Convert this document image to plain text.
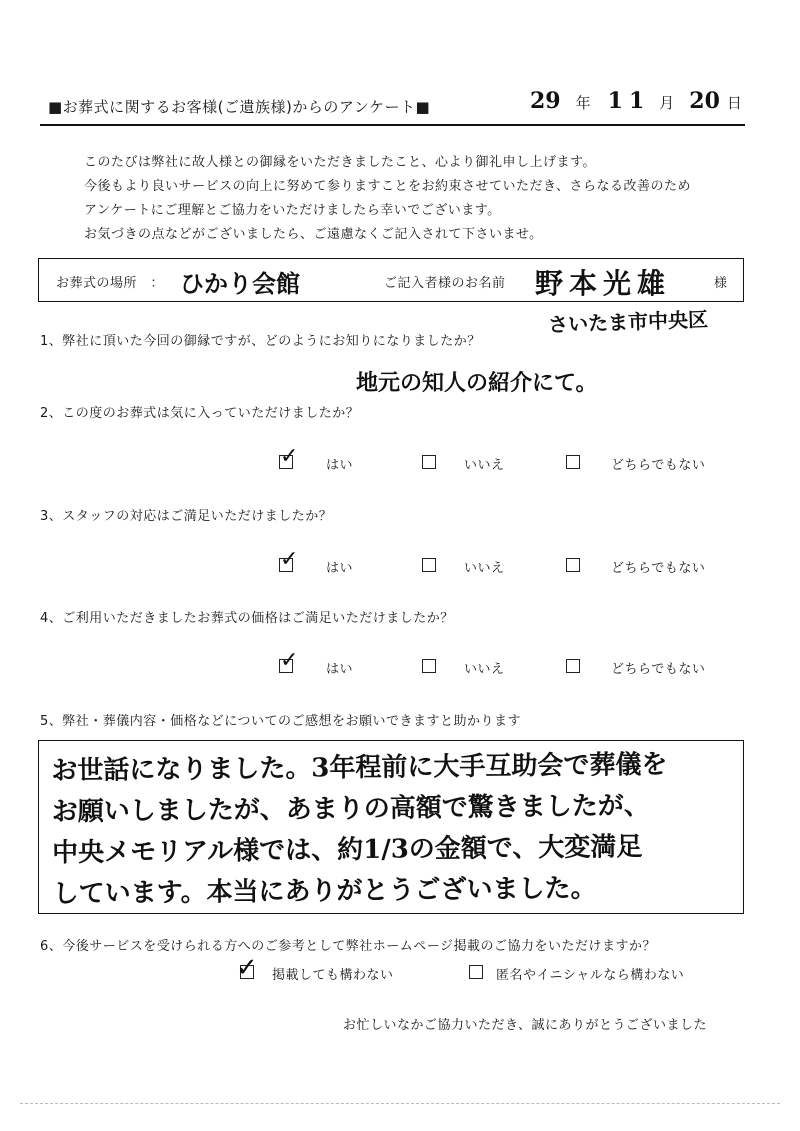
■お葬式に関するお客様(ご遺族様)からのアンケート■	29 年 11 月 20 日
このたびは弊社に故人様との御縁をいただきましたこと、心より御礼申し上げます。
今後もより良いサービスの向上に努めて参りますことをお約束させていただき、さらなる改善のため
アンケートにご理解とご協力をいただけましたら幸いでございます。
お気づきの点などがございましたら、ご遠慮なくご記入されて下さいませ。
お葬式の場所　： ひかり会館	ご記入者様のお名前 野本光雄	様
さいたま市中央区
1、弊社に頂いた今回の御縁ですが、どのようにお知りになりましたか？
地元の知人の紹介にて。
2、この度のお葬式は気に入っていただけましたか？
✓ はい	いいえ	どちらでもない
3、スタッフの対応はご満足いただけましたか？
✓ はい	いいえ	どちらでもない
4、ご利用いただきましたお葬式の価格はご満足いただけましたか？
✓ はい	いいえ	どちらでもない
5、弊社・葬儀内容・価格などについてのご感想をお願いできますと助かります
お世話になりました。3年程前に大手互助会で葬儀を
お願いしましたが、あまりの高額で驚きましたが、
中央メモリアル様では、約1/3の金額で、大変満足
しています。本当にありがとうございました。
6、今後サービスを受けられる方へのご参考として弊社ホームページ掲載のご協力をいただけますか？
✓ 掲載しても構わない	匿名やイニシャルなら構わない
お忙しいなかご協力いただき、誠にありがとうございました
